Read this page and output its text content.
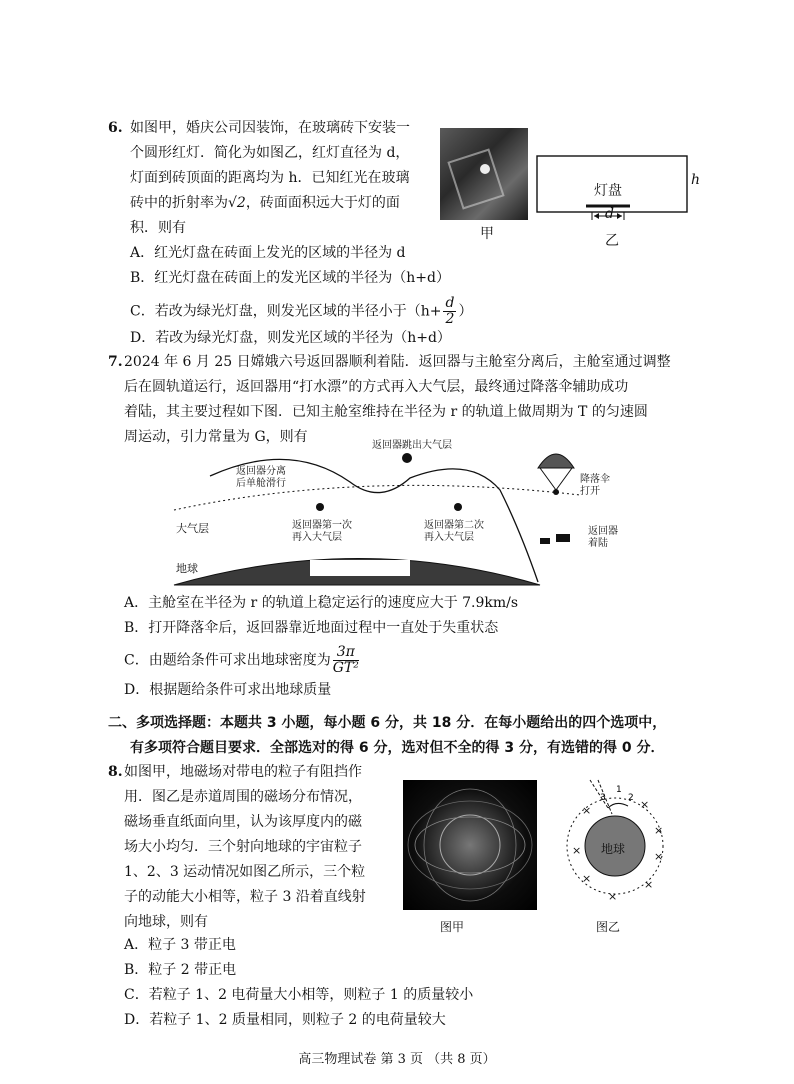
6. 如图甲，婚庆公司因装饰，在玻璃砖下安装一
个圆形红灯．简化为如图乙，红灯直径为 d，
灯面到砖顶面的距离均为 h．已知红光在玻璃
砖中的折射率为√2，砖面面积远大于灯的面
积．则有	甲
灯盘
h
d
乙
A．红光灯盘在砖面上发光的区域的半径为 d
B．红光灯盘在砖面上的发光区域的半径为（h+d）
C．若改为绿光灯盘，则发光区域的半径小于（$h+ \frac{d}{2}$ ）
D．若改为绿光灯盘，则发光区域的半径为（h+d）
7. 2024 年 6 月 25 日嫦娥六号返回器顺利着陆．返回器与主舱室分离后，主舱室通过调整
后在圆轨道运行，返回器用“打水漂”的方式再入大气层，最终通过降落伞辅助成功
着陆，其主要过程如下图．已知主舱室维持在半径为 r 的轨道上做周期为 T 的匀速圆
周运动，引力常量为 G，则有
返回器跳出大气层
返回器分离
后单舱滑行	降落伞
打开
大气层	返回器第一次
再入大气层
返回器第二次
再入大气层
返回器
着陆
地球
A．主舱室在半径为 r 的轨道上稳定运行的速度应大于 7.9km/s
B．打开降落伞后，返回器靠近地面过程中一直处于失重状态
C．由题给条件可求出地球密度为 $\frac{3\pi}{\text{GT²}}$
D．根据题给条件可求出地球质量
二、多项选择题：本题共 3 小题，每小题 6 分，共 18 分．在每小题给出的四个选项中，
有多项符合题目要求．全部选对的得 6 分，选对但不全的得 3 分，有选错的得 0 分．
8. 如图甲，地磁场对带电的粒子有阻挡作
用．图乙是赤道周围的磁场分布情况，
磁场垂直纸面向里，认为该厚度内的磁
场大小均匀．三个射向地球的宇宙粒子
1、2、3 运动情况如图乙所示，三个粒
子的动能大小相等，粒子 3 沿着直线射
向地球，则有	图甲
×
×
×
×	×
×
×	×
3
1
2
地球
图乙
A．粒子 3 带正电
B．粒子 2 带正电
C．若粒子 1、2 电荷量大小相等，则粒子 1 的质量较小
D．若粒子 1、2 质量相同，则粒子 2 的电荷量较大
高三物理试卷 第 3 页 （共 8 页）
